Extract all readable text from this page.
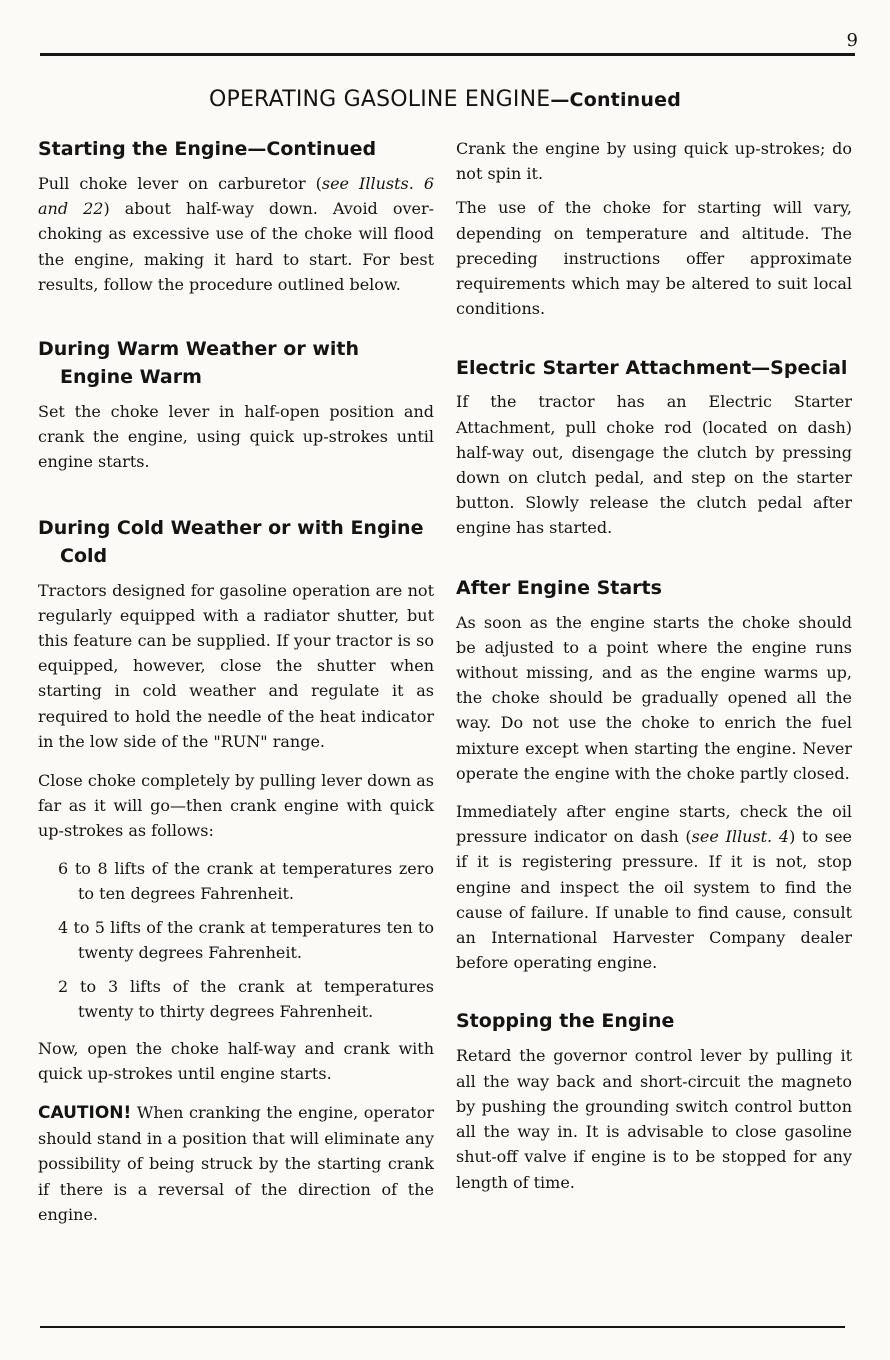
9
OPERATING GASOLINE ENGINE—Continued
Starting the Engine—Continued

Pull choke lever on carburetor (see Illusts. 6 and 22) about half-way down. Avoid over-choking as excessive use of the choke will flood the engine, making it hard to start. For best results, follow the procedure outlined below.

During Warm Weather or with Engine Warm

Set the choke lever in half-open position and crank the engine, using quick up-strokes until engine starts.

During Cold Weather or with Engine Cold

Tractors designed for gasoline operation are not regularly equipped with a radiator shutter, but this feature can be supplied. If your tractor is so equipped, however, close the shutter when starting in cold weather and regulate it as required to hold the needle of the heat indicator in the low side of the "RUN" range.

Close choke completely by pulling lever down as far as it will go—then crank engine with quick up-strokes as follows:

6 to 8 lifts of the crank at temperatures zero to ten degrees Fahrenheit.

4 to 5 lifts of the crank at temperatures ten to twenty degrees Fahrenheit.

2 to 3 lifts of the crank at temperatures twenty to thirty degrees Fahrenheit.

Now, open the choke half-way and crank with quick up-strokes until engine starts.

CAUTION! When cranking the engine, operator should stand in a position that will eliminate any possibility of being struck by the starting crank if there is a reversal of the direction of the engine.

Crank the engine by using quick up-strokes; do not spin it.

The use of the choke for starting will vary, depending on temperature and altitude. The preceding instructions offer approximate requirements which may be altered to suit local conditions.

Electric Starter Attachment—Special

If the tractor has an Electric Starter Attachment, pull choke rod (located on dash) half-way out, disengage the clutch by pressing down on clutch pedal, and step on the starter button. Slowly release the clutch pedal after engine has started.

After Engine Starts

As soon as the engine starts the choke should be adjusted to a point where the engine runs without missing, and as the engine warms up, the choke should be gradually opened all the way. Do not use the choke to enrich the fuel mixture except when starting the engine. Never operate the engine with the choke partly closed.

Immediately after engine starts, check the oil pressure indicator on dash (see Illust. 4) to see if it is registering pressure. If it is not, stop engine and inspect the oil system to find the cause of failure. If unable to find cause, consult an International Harvester Company dealer before operating engine.

Stopping the Engine

Retard the governor control lever by pulling it all the way back and short-circuit the magneto by pushing the grounding switch control button all the way in. It is advisable to close gasoline shut-off valve if engine is to be stopped for any length of time.
